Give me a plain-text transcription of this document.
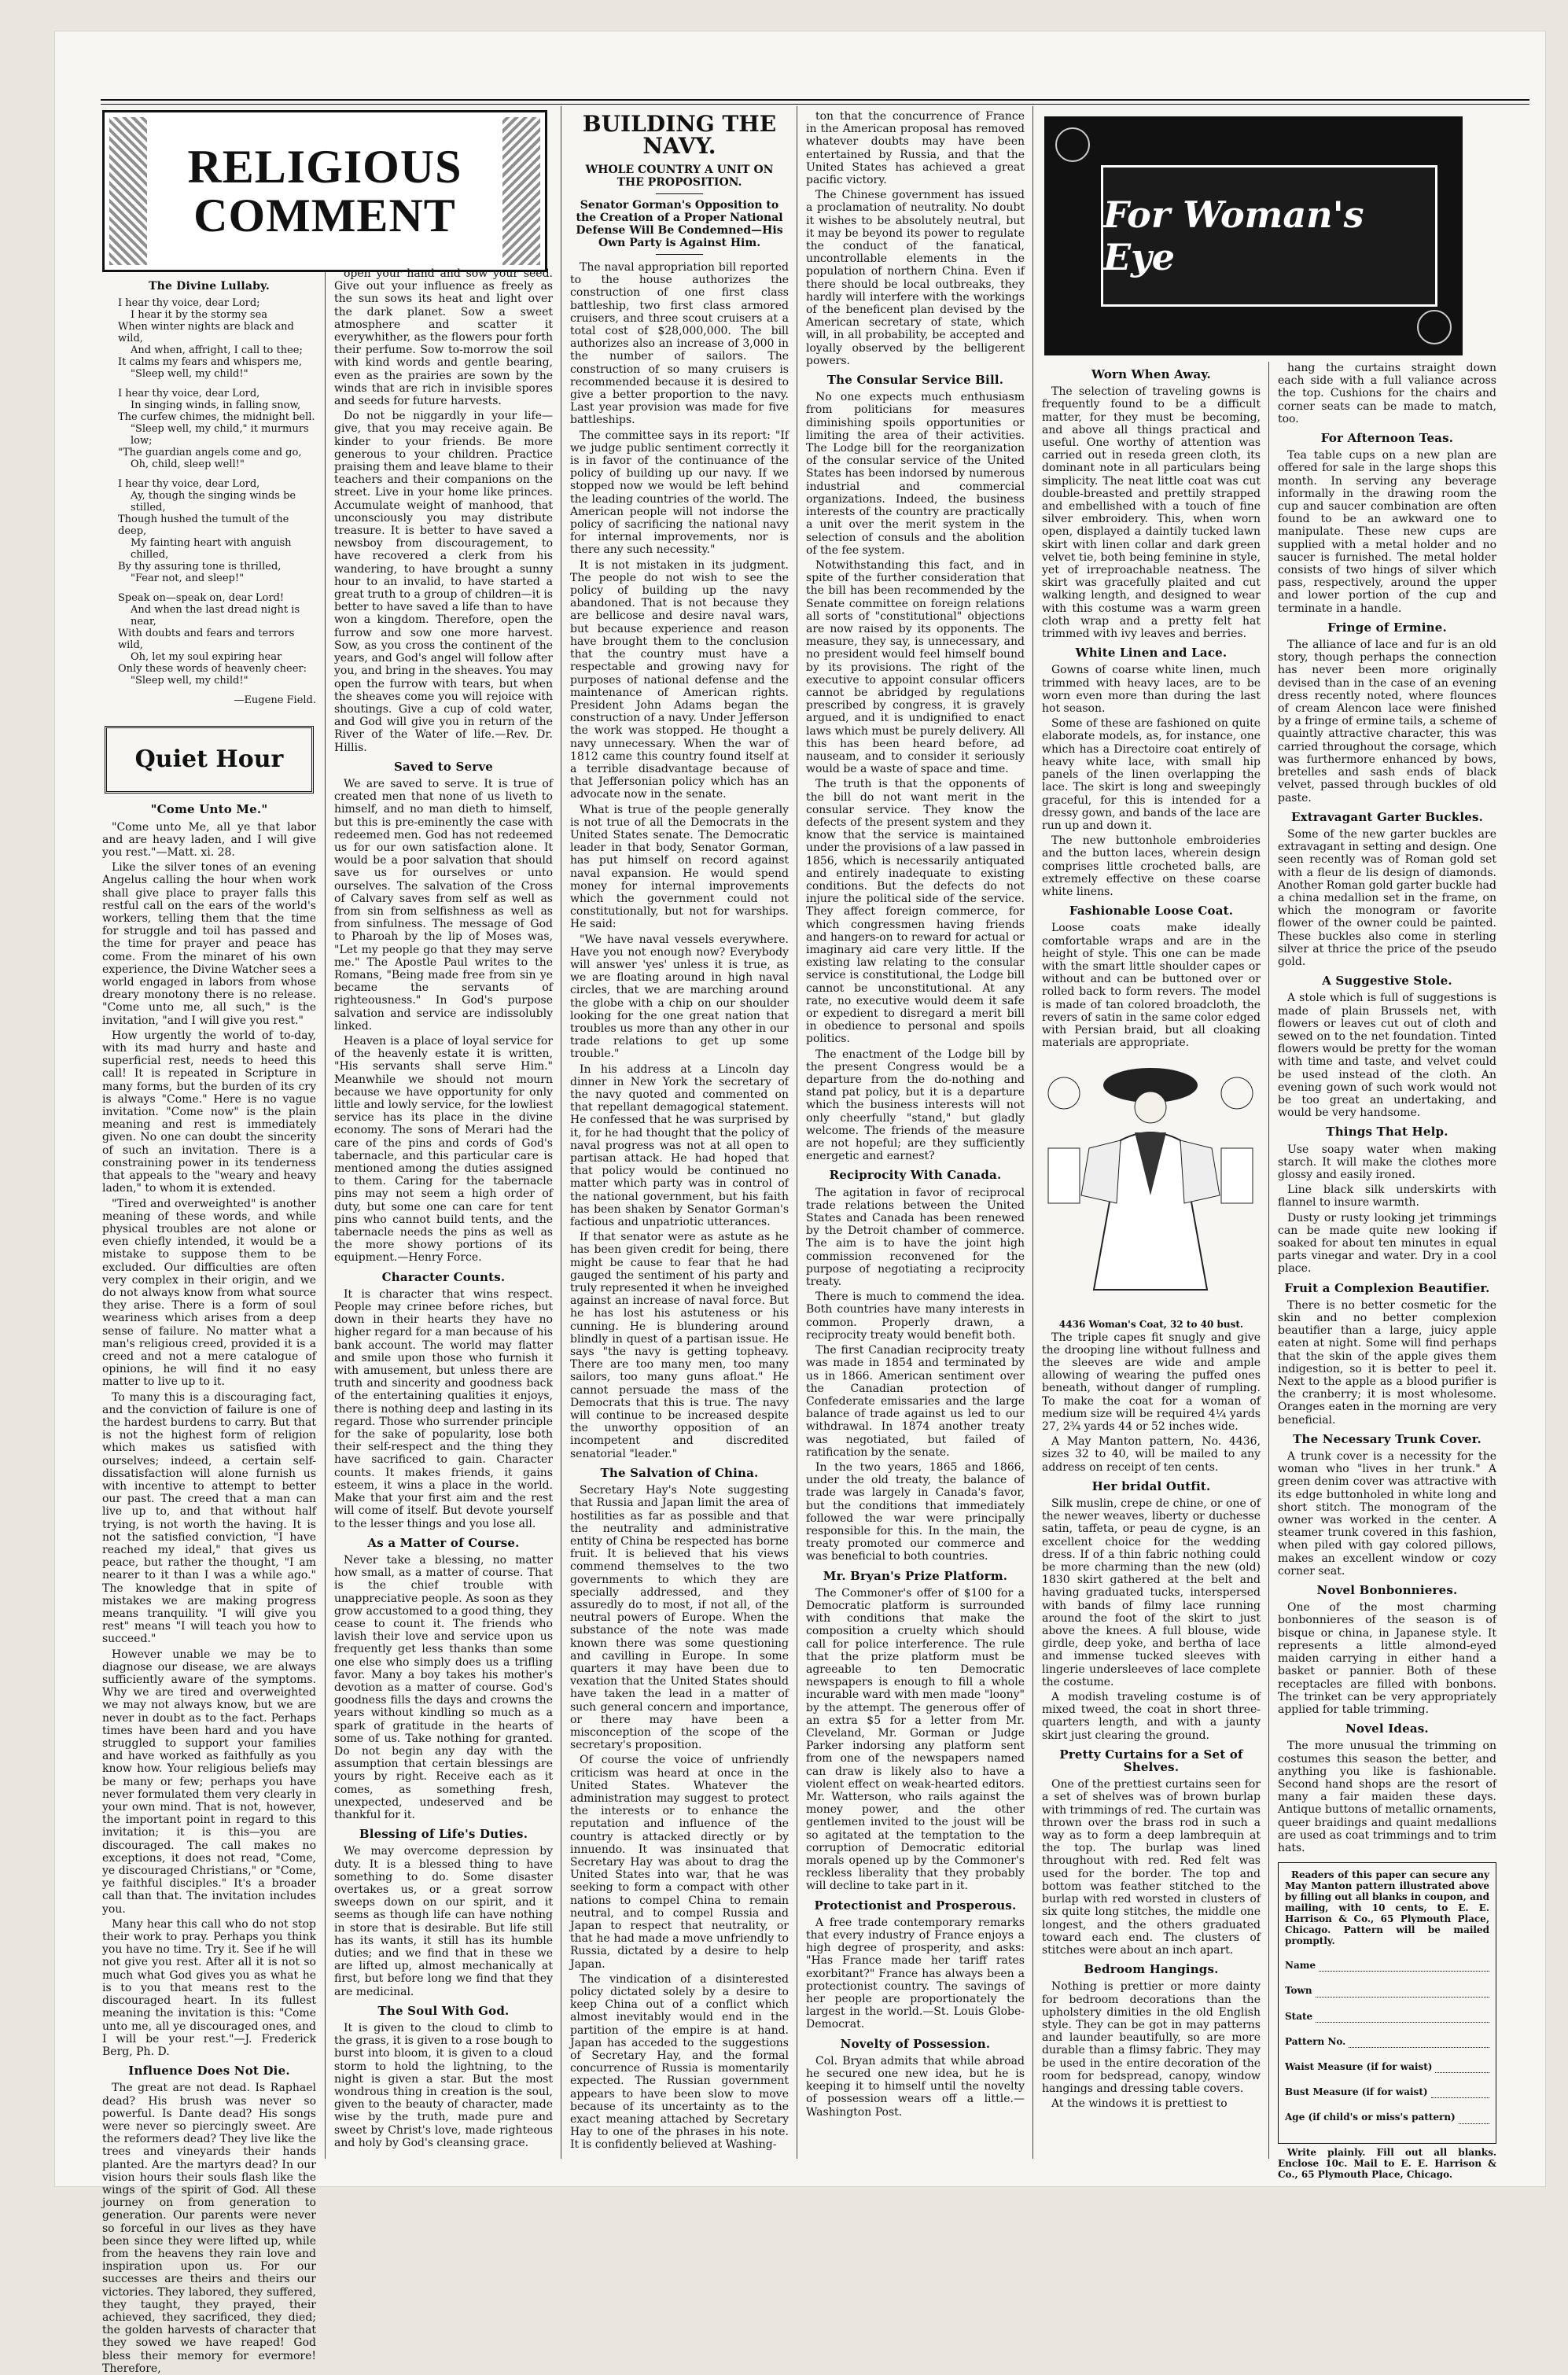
RELIGIOUS
COMMENT
The Divine Lullaby.
I hear thy voice, dear Lord;
I hear it by the stormy sea
When winter nights are black and wild,
And when, affright, I call to thee;
It calms my fears and whispers me,
"Sleep well, my child!"
I hear thy voice, dear Lord,
In singing winds, in falling snow,
The curfew chimes, the midnight bell.
"Sleep well, my child," it murmurs low;
"The guardian angels come and go,
Oh, child, sleep well!"
I hear thy voice, dear Lord,
Ay, though the singing winds be stilled,
Though hushed the tumult of the deep,
My fainting heart with anguish chilled,
By thy assuring tone is thrilled,
"Fear not, and sleep!"
Speak on—speak on, dear Lord!
And when the last dread night is near,
With doubts and fears and terrors wild,
Oh, let my soul expiring hear
Only these words of heavenly cheer:
"Sleep well, my child!"
—Eugene Field.
Quiet Hour
"Come Unto Me."

"Come unto Me, all ye that labor and are heavy laden, and I will give you rest."—Matt. xi. 28.

Like the silver tones of an evening Angelus calling the hour when work shall give place to prayer falls this restful call on the ears of the world's workers, telling them that the time for struggle and toil has passed and the time for prayer and peace has come. From the minaret of his own experience, the Divine Watcher sees a world engaged in labors from whose dreary monotony there is no release. "Come unto me, all such," is the invitation, "and I will give you rest."

How urgently the world of to-day, with its mad hurry and haste and superficial rest, needs to heed this call! It is repeated in Scripture in many forms, but the burden of its cry is always "Come." Here is no vague invitation. "Come now" is the plain meaning and rest is immediately given. No one can doubt the sincerity of such an invitation. There is a constraining power in its tenderness that appeals to the "weary and heavy laden," to whom it is extended.

"Tired and overweighted" is another meaning of these words, and while physical troubles are not alone or even chiefly intended, it would be a mistake to suppose them to be excluded. Our difficulties are often very complex in their origin, and we do not always know from what source they arise. There is a form of soul weariness which arises from a deep sense of failure. No matter what a man's religious creed, provided it is a creed and not a mere catalogue of opinions, he will find it no easy matter to live up to it.

To many this is a discouraging fact, and the conviction of failure is one of the hardest burdens to carry. But that is not the highest form of religion which makes us satisfied with ourselves; indeed, a certain self-dissatisfaction will alone furnish us with incentive to attempt to better our past. The creed that a man can live up to, and that without half trying, is not worth the having. It is not the satisfied conviction, "I have reached my ideal," that gives us peace, but rather the thought, "I am nearer to it than I was a while ago." The knowledge that in spite of mistakes we are making progress means tranquility. "I will give you rest" means "I will teach you how to succeed."

However unable we may be to diagnose our disease, we are always sufficiently aware of the symptoms. Why we are tired and overweighted we may not always know, but we are never in doubt as to the fact. Perhaps times have been hard and you have struggled to support your families and have worked as faithfully as you know how. Your religious beliefs may be many or few; perhaps you have never formulated them very clearly in your own mind. That is not, however, the important point in regard to this invitation; it is this—you are discouraged. The call makes no exceptions, it does not read, "Come, ye discouraged Christians," or "Come, ye faithful disciples." It's a broader call than that. The invitation includes you.

Many hear this call who do not stop their work to pray. Perhaps you think you have no time. Try it. See if he will not give you rest. After all it is not so much what God gives you as what he is to you that means rest to the discouraged heart. In its fullest meaning the invitation is this: "Come unto me, all ye discouraged ones, and I will be your rest."—J. Frederick Berg, Ph. D.

Influence Does Not Die.

The great are not dead. Is Raphael dead? His brush was never so powerful. Is Dante dead? His songs were never so piercingly sweet. Are the reformers dead? They live like the trees and vineyards their hands planted. Are the martyrs dead? In our vision hours their souls flash like the wings of the spirit of God. All these journey on from generation to generation. Our parents were never so forceful in our lives as they have been since they were lifted up, while from the heavens they rain love and inspiration upon us. For our successes are theirs and theirs our victories. They labored, they suffered, they taught, they prayed, their achieved, they sacrificed, they died; the golden harvests of character that they sowed we have reaped! God bless their memory for evermore! Therefore,

open your hand and sow your seed. Give out your influence as freely as the sun sows its heat and light over the dark planet. Sow a sweet atmosphere and scatter it everywhither, as the flowers pour forth their perfume. Sow to-morrow the soil with kind words and gentle bearing, even as the prairies are sown by the winds that are rich in invisible spores and seeds for future harvests.

Do not be niggardly in your life—give, that you may receive again. Be kinder to your friends. Be more generous to your children. Practice praising them and leave blame to their teachers and their companions on the street. Live in your home like princes. Accumulate weight of manhood, that unconsciously you may distribute treasure. It is better to have saved a newsboy from discouragement, to have recovered a clerk from his wandering, to have brought a sunny hour to an invalid, to have started a great truth to a group of children—it is better to have saved a life than to have won a kingdom. Therefore, open the furrow and sow one more harvest. Sow, as you cross the continent of the years, and God's angel will follow after you, and bring in the sheaves. You may open the furrow with tears, but when the sheaves come you will rejoice with shoutings. Give a cup of cold water, and God will give you in return of the River of the Water of life.—Rev. Dr. Hillis.

Saved to Serve

We are saved to serve. It is true of created men that none of us liveth to himself, and no man dieth to himself, but this is pre-eminently the case with redeemed men. God has not redeemed us for our own satisfaction alone. It would be a poor salvation that should save us for ourselves or unto ourselves. The salvation of the Cross of Calvary saves from self as well as from sin from selfishness as well as from sinfulness. The message of God to Pharoah by the lip of Moses was, "Let my people go that they may serve me." The Apostle Paul writes to the Romans, "Being made free from sin ye became the servants of righteousness." In God's purpose salvation and service are indissolubly linked.

Heaven is a place of loyal service for of the heavenly estate it is written, "His servants shall serve Him." Meanwhile we should not mourn because we have opportunity for only little and lowly service, for the lowliest service has its place in the divine economy. The sons of Merari had the care of the pins and cords of God's tabernacle, and this particular care is mentioned among the duties assigned to them. Caring for the tabernacle pins may not seem a high order of duty, but some one can care for tent pins who cannot build tents, and the tabernacle needs the pins as well as the more showy portions of its equipment.—Henry Force.

Character Counts.

It is character that wins respect. People may crinee before riches, but down in their hearts they have no higher regard for a man because of his bank account. The world may flatter and smile upon those who furnish it with amusement, but unless there are truth and sincerity and goodness back of the entertaining qualities it enjoys, there is nothing deep and lasting in its regard. Those who surrender principle for the sake of popularity, lose both their self-respect and the thing they have sacrificed to gain. Character counts. It makes friends, it gains esteem, it wins a place in the world. Make that your first aim and the rest will come of itself. But devote yourself to the lesser things and you lose all.

As a Matter of Course.

Never take a blessing, no matter how small, as a matter of course. That is the chief trouble with unappreciative people. As soon as they grow accustomed to a good thing, they cease to count it. The friends who lavish their love and service upon us frequently get less thanks than some one else who simply does us a trifling favor. Many a boy takes his mother's devotion as a matter of course. God's goodness fills the days and crowns the years without kindling so much as a spark of gratitude in the hearts of some of us. Take nothing for granted. Do not begin any day with the assumption that certain blessings are yours by right. Receive each as it comes, as something fresh, unexpected, undeserved and be thankful for it.

Blessing of Life's Duties.

We may overcome depression by duty. It is a blessed thing to have something to do. Some disaster overtakes us, or a great sorrow sweeps down on our spirit, and it seems as though life can have nothing in store that is desirable. But life still has its wants, it still has its humble duties; and we find that in these we are lifted up, almost mechanically at first, but before long we find that they are medicinal.

The Soul With God.

It is given to the cloud to climb to the grass, it is given to a rose bough to burst into bloom, it is given to a cloud storm to hold the lightning, to the night is given a star. But the most wondrous thing in creation is the soul, given to the beauty of character, made wise by the truth, made pure and sweet by Christ's love, made righteous and holy by God's cleansing grace.

BUILDING THE NAVY.
WHOLE COUNTRY A UNIT ON THE PROPOSITION.
Senator Gorman's Opposition to the Creation of a Proper National Defense Will Be Condemned—His Own Party is Against Him.

The naval appropriation bill reported to the house authorizes the construction of one first class battleship, two first class armored cruisers, and three scout cruisers at a total cost of $28,000,000. The bill authorizes also an increase of 3,000 in the number of sailors. The construction of so many cruisers is recommended because it is desired to give a better proportion to the navy. Last year provision was made for five battleships.

The committee says in its report: "If we judge public sentiment correctly it is in favor of the continuance of the policy of building up our navy. If we stopped now we would be left behind the leading countries of the world. The American people will not indorse the policy of sacrificing the national navy for internal improvements, nor is there any such necessity."

It is not mistaken in its judgment. The people do not wish to see the policy of building up the navy abandoned. That is not because they are bellicose and desire naval wars, but because experience and reason have brought them to the conclusion that the country must have a respectable and growing navy for purposes of national defense and the maintenance of American rights. President John Adams began the construction of a navy. Under Jefferson the work was stopped. He thought a navy unnecessary. When the war of 1812 came this country found itself at a terrible disadvantage because of that Jeffersonian policy which has an advocate now in the senate.

What is true of the people generally is not true of all the Democrats in the United States senate. The Democratic leader in that body, Senator Gorman, has put himself on record against naval expansion. He would spend money for internal improvements which the government could not constitutionally, but not for warships. He said:

"We have naval vessels everywhere. Have you not enough now? Everybody will answer 'yes' unless it is true, as we are floating around in high naval circles, that we are marching around the globe with a chip on our shoulder looking for the one great nation that troubles us more than any other in our trade relations to get up some trouble."

In his address at a Lincoln day dinner in New York the secretary of the navy quoted and commented on that repellant demagogical statement. He confessed that he was surprised by it, for he had thought that the policy of naval progress was not at all open to partisan attack. He had hoped that that policy would be continued no matter which party was in control of the national government, but his faith has been shaken by Senator Gorman's factious and unpatriotic utterances.

If that senator were as astute as he has been given credit for being, there might be cause to fear that he had gauged the sentiment of his party and truly represented it when he inveighed against an increase of naval force. But he has lost his astuteness or his cunning. He is blundering around blindly in quest of a partisan issue. He says "the navy is getting topheavy. There are too many men, too many sailors, too many guns afloat." He cannot persuade the mass of the Democrats that this is true. The navy will continue to be increased despite the unworthy opposition of an incompetent and discredited senatorial "leader."

The Salvation of China.

Secretary Hay's Note suggesting that Russia and Japan limit the area of hostilities as far as possible and that the neutrality and administrative entity of China be respected has borne fruit. It is believed that his views commend themselves to the two governments to which they are specially addressed, and they assuredly do to most, if not all, of the neutral powers of Europe. When the substance of the note was made known there was some questioning and cavilling in Europe. In some quarters it may have been due to vexation that the United States should have taken the lead in a matter of such general concern and importance, or there may have been a misconception of the scope of the secretary's proposition.

Of course the voice of unfriendly criticism was heard at once in the United States. Whatever the administration may suggest to protect the interests or to enhance the reputation and influence of the country is attacked directly or by innuendo. It was insinuated that Secretary Hay was about to drag the United States into war, that he was seeking to form a compact with other nations to compel China to remain neutral, and to compel Russia and Japan to respect that neutrality, or that he had made a move unfriendly to Russia, dictated by a desire to help Japan.

The vindication of a disinterested policy dictated solely by a desire to keep China out of a conflict which almost inevitably would end in the partition of the empire is at hand. Japan has acceded to the suggestions of Secretary Hay, and the formal concurrence of Russia is momentarily expected. The Russian government appears to have been slow to move because of its uncertainty as to the exact meaning attached by Secretary Hay to one of the phrases in his note. It is confidently believed at Washing-

ton that the concurrence of France in the American proposal has removed whatever doubts may have been entertained by Russia, and that the United States has achieved a great pacific victory.

The Chinese government has issued a proclamation of neutrality. No doubt it wishes to be absolutely neutral, but it may be beyond its power to regulate the conduct of the fanatical, uncontrollable elements in the population of northern China. Even if there should be local outbreaks, they hardly will interfere with the workings of the beneficent plan devised by the American secretary of state, which will, in all probability, be accepted and loyally observed by the belligerent powers.

The Consular Service Bill.

No one expects much enthusiasm from politicians for measures diminishing spoils opportunities or limiting the area of their activities. The Lodge bill for the reorganization of the consular service of the United States has been indorsed by numerous industrial and commercial organizations. Indeed, the business interests of the country are practically a unit over the merit system in the selection of consuls and the abolition of the fee system.

Notwithstanding this fact, and in spite of the further consideration that the bill has been recommended by the Senate committee on foreign relations all sorts of "constitutional" objections are now raised by its opponents. The measure, they say, is unnecessary, and no president would feel himself bound by its provisions. The right of the executive to appoint consular officers cannot be abridged by regulations prescribed by congress, it is gravely argued, and it is undignified to enact laws which must be purely delivery. All this has been heard before, ad nauseam, and to consider it seriously would be a waste of space and time.

The truth is that the opponents of the bill do not want merit in the consular service. They know the defects of the present system and they know that the service is maintained under the provisions of a law passed in 1856, which is necessarily antiquated and entirely inadequate to existing conditions. But the defects do not injure the political side of the service. They affect foreign commerce, for which congressmen having friends and hangers-on to reward for actual or imaginary aid care very little. If the existing law relating to the consular service is constitutional, the Lodge bill cannot be unconstitutional. At any rate, no executive would deem it safe or expedient to disregard a merit bill in obedience to personal and spoils politics.

The enactment of the Lodge bill by the present Congress would be a departure from the do-nothing and stand pat policy, but it is a departure which the business interests will not only cheerfully "stand," but gladly welcome. The friends of the measure are not hopeful; are they sufficiently energetic and earnest?

Reciprocity With Canada.

The agitation in favor of reciprocal trade relations between the United States and Canada has been renewed by the Detroit chamber of commerce. The aim is to have the joint high commission reconvened for the purpose of negotiating a reciprocity treaty.

There is much to commend the idea. Both countries have many interests in common. Properly drawn, a reciprocity treaty would benefit both.

The first Canadian reciprocity treaty was made in 1854 and terminated by us in 1866. American sentiment over the Canadian protection of Confederate emissaries and the large balance of trade against us led to our withdrawal. In 1874 another treaty was negotiated, but failed of ratification by the senate.

In the two years, 1865 and 1866, under the old treaty, the balance of trade was largely in Canada's favor, but the conditions that immediately followed the war were principally responsible for this. In the main, the treaty promoted our commerce and was beneficial to both countries.

Mr. Bryan's Prize Platform.

The Commoner's offer of $100 for a Democratic platform is surrounded with conditions that make the composition a cruelty which should call for police interference. The rule that the prize platform must be agreeable to ten Democratic newspapers is enough to fill a whole incurable ward with men made "loony" by the attempt. The generous offer of an extra $5 for a letter from Mr. Cleveland, Mr. Gorman or Judge Parker indorsing any platform sent from one of the newspapers named can draw is likely also to have a violent effect on weak-hearted editors. Mr. Watterson, who rails against the money power, and the other gentlemen invited to the joust will be so agitated at the temptation to the corruption of Democratic editorial morals opened up by the Commoner's reckless liberality that they probably will decline to take part in it.

Protectionist and Prosperous.

A free trade contemporary remarks that every industry of France enjoys a high degree of prosperity, and asks: "Has France made her tariff rates exorbitant?" France has always been a protectionist country. The savings of her people are proportionately the largest in the world.—St. Louis Globe-Democrat.

Novelty of Possession.

Col. Bryan admits that while abroad he secured one new idea, but he is keeping it to himself until the novelty of possession wears off a little.—Washington Post.

For Woman's Eye
Worn When Away.

The selection of traveling gowns is frequently found to be a difficult matter, for they must be becoming, and above all things practical and useful. One worthy of attention was carried out in reseda green cloth, its dominant note in all particulars being simplicity. The neat little coat was cut double-breasted and prettily strapped and embellished with a touch of fine silver embroidery. This, when worn open, displayed a daintily tucked lawn skirt with linen collar and dark green velvet tie, both being feminine in style, yet of irreproachable neatness. The skirt was gracefully plaited and cut walking length, and designed to wear with this costume was a warm green cloth wrap and a pretty felt hat trimmed with ivy leaves and berries.

White Linen and Lace.

Gowns of coarse white linen, much trimmed with heavy laces, are to be worn even more than during the last hot season.

Some of these are fashioned on quite elaborate models, as, for instance, one which has a Directoire coat entirely of heavy white lace, with small hip panels of the linen overlapping the lace. The skirt is long and sweepingly graceful, for this is intended for a dressy gown, and bands of the lace are run up and down it.

The new buttonhole embroideries and the button laces, wherein design comprises little crocheted balls, are extremely effective on these coarse white linens.

Fashionable Loose Coat.

Loose coats make ideally comfortable wraps and are in the height of style. This one can be made with the smart little shoulder capes or without and can be buttoned over or rolled back to form revers. The model is made of tan colored broadcloth, the revers of satin in the same color edged with Persian braid, but all cloaking materials are appropriate.

4436 Woman's Coat, 32 to 40 bust.

The triple capes fit snugly and give the drooping line without fullness and the sleeves are wide and ample allowing of wearing the puffed ones beneath, without danger of rumpling. To make the coat for a woman of medium size will be required 4¼ yards 27, 2¾ yards 44 or 52 inches wide.

A May Manton pattern, No. 4436, sizes 32 to 40, will be mailed to any address on receipt of ten cents.

Her bridal Outfit.

Silk muslin, crepe de chine, or one of the newer weaves, liberty or duchesse satin, taffeta, or peau de cygne, is an excellent choice for the wedding dress. If of a thin fabric nothing could be more charming than the new (old) 1830 skirt gathered at the belt and having graduated tucks, interspersed with bands of filmy lace running around the foot of the skirt to just above the knees. A full blouse, wide girdle, deep yoke, and bertha of lace and immense tucked sleeves with lingerie undersleeves of lace complete the costume.

A modish traveling costume is of mixed tweed, the coat in short three-quarters length, and with a jaunty skirt just clearing the ground.

Pretty Curtains for a Set of Shelves.

One of the prettiest curtains seen for a set of shelves was of brown burlap with trimmings of red. The curtain was thrown over the brass rod in such a way as to form a deep lambrequin at the top. The burlap was lined throughout with red. Red felt was used for the border. The top and bottom was feather stitched to the burlap with red worsted in clusters of six quite long stitches, the middle one longest, and the others graduated toward each end. The clusters of stitches were about an inch apart.

Bedroom Hangings.

Nothing is prettier or more dainty for bedroom decorations than the upholstery dimities in the old English style. They can be got in may patterns and launder beautifully, so are more durable than a flimsy fabric. They may be used in the entire decoration of the room for bedspread, canopy, window hangings and dressing table covers.

At the windows it is prettiest to

hang the curtains straight down each side with a full valiance across the top. Cushions for the chairs and corner seats can be made to match, too.

For Afternoon Teas.

Tea table cups on a new plan are offered for sale in the large shops this month. In serving any beverage informally in the drawing room the cup and saucer combination are often found to be an awkward one to manipulate. These new cups are supplied with a metal holder and no saucer is furnished. The metal holder consists of two hings of silver which pass, respectively, around the upper and lower portion of the cup and terminate in a handle.

Fringe of Ermine.

The alliance of lace and fur is an old story, though perhaps the connection has never been more originally devised than in the case of an evening dress recently noted, where flounces of cream Alencon lace were finished by a fringe of ermine tails, a scheme of quaintly attractive character, this was carried throughout the corsage, which was furthermore enhanced by bows, bretelles and sash ends of black velvet, passed through buckles of old paste.

Extravagant Garter Buckles.

Some of the new garter buckles are extravagant in setting and design. One seen recently was of Roman gold set with a fleur de lis design of diamonds. Another Roman gold garter buckle had a china medallion set in the frame, on which the monogram or favorite flower of the owner could be painted. These buckles also come in sterling silver at thrice the price of the pseudo gold.

A Suggestive Stole.

A stole which is full of suggestions is made of plain Brussels net, with flowers or leaves cut out of cloth and sewed on to the net foundation. Tinted flowers would be pretty for the woman with time and taste, and velvet could be used instead of the cloth. An evening gown of such work would not be too great an undertaking, and would be very handsome.

Things That Help.

Use soapy water when making starch. It will make the clothes more glossy and easily ironed.

Line black silk underskirts with flannel to insure warmth.

Dusty or rusty looking jet trimmings can be made quite new looking if soaked for about ten minutes in equal parts vinegar and water. Dry in a cool place.

Fruit a Complexion Beautifier.

There is no better cosmetic for the skin and no better complexion beautifier than a large, juicy apple eaten at night. Some will find perhaps that the skin of the apple gives them indigestion, so it is better to peel it. Next to the apple as a blood purifier is the cranberry; it is most wholesome. Oranges eaten in the morning are very beneficial.

The Necessary Trunk Cover.

A trunk cover is a necessity for the woman who "lives in her trunk." A green denim cover was attractive with its edge buttonholed in white long and short stitch. The monogram of the owner was worked in the center. A steamer trunk covered in this fashion, when piled with gay colored pillows, makes an excellent window or cozy corner seat.

Novel Bonbonnieres.

One of the most charming bonbonnieres of the season is of bisque or china, in Japanese style. It represents a little almond-eyed maiden carrying in either hand a basket or pannier. Both of these receptacles are filled with bonbons. The trinket can be very appropriately applied for table trimming.

Novel Ideas.

The more unusual the trimming on costumes this season the better, and anything you like is fashionable. Second hand shops are the resort of many a fair maiden these days. Antique buttons of metallic ornaments, queer braidings and quaint medallions are used as coat trimmings and to trim hats.

Readers of this paper can secure any May Manton pattern illustrated above by filling out all blanks in coupon, and mailing, with 10 cents, to E. E. Harrison & Co., 65 Plymouth Place, Chicago. Pattern will be mailed promptly.

Name
Town
State
Pattern No.
Waist Measure (if for waist)
Bust Measure (if for waist)
Age (if child's or miss's pattern)

Write plainly. Fill out all blanks. Enclose 10c. Mail to E. E. Harrison & Co., 65 Plymouth Place, Chicago.
